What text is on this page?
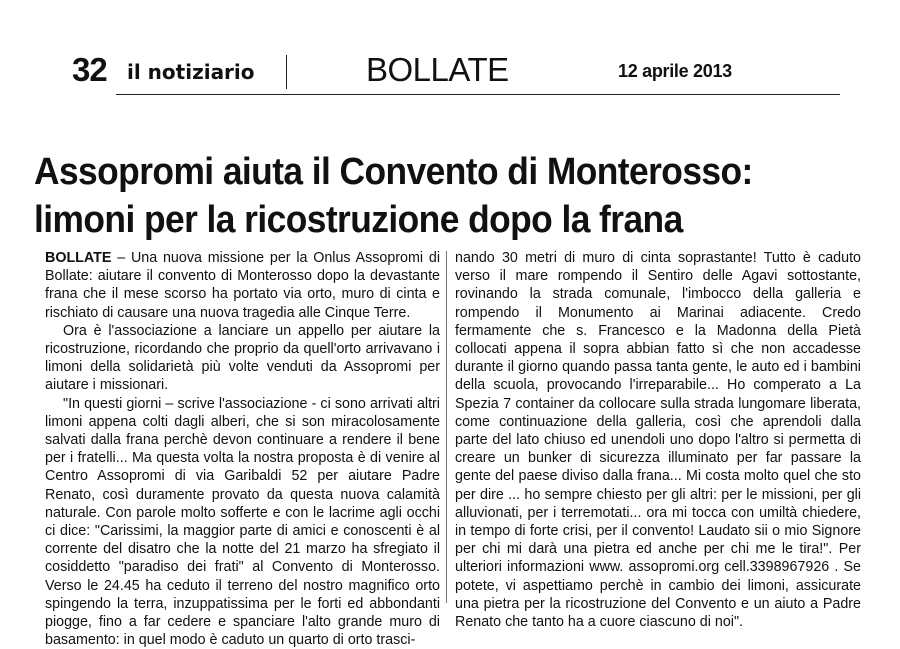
32 il notiziario	BOLLATE	12 aprile 2013
Assopromi aiuta il Convento di Monterosso:
limoni per la ricostruzione dopo la frana

BOLLATE – Una nuova missione per la Onlus Assopromi di Bollate: aiutare il convento di Monterosso dopo la devastante frana che il mese scorso ha portato via orto, muro di cinta e rischiato di causare una nuova tragedia alle Cinque Terre.

Ora è l'associazione a lanciare un appello per aiutare la ricostruzione, ricordando che proprio da quell'orto arrivavano i limoni della solidarietà più volte venduti da Assopromi per aiutare i missionari.

"In questi giorni – scrive l'associazione - ci sono arrivati altri limoni appena colti dagli alberi, che si son miracolosamente salvati dalla frana perchè devon continuare a rendere il bene per i fratelli... Ma questa volta la nostra proposta è di venire al Centro Assopromi di via Garibaldi 52 per aiutare Padre Renato, così duramente provato da questa nuova calamità naturale. Con parole molto sofferte e con le lacrime agli occhi ci dice: "Carissimi, la maggior parte di amici e conoscenti è al corrente del disatro che la notte del 21 marzo ha sfregiato il cosiddetto "paradiso dei frati" al Convento di Monterosso. Verso le 24.45 ha ceduto il terreno del nostro magnifico orto spingendo la terra, inzuppatissima per le forti ed abbondanti piogge, fino a far cedere e spanciare l'alto grande muro di basamento: in quel modo è caduto un quarto di orto trasci-

nando 30 metri di muro di cinta soprastante! Tutto è caduto verso il mare rompendo il Sentiro delle Agavi sottostante, rovinando la strada comunale, l'imbocco della galleria e rompendo il Monumento ai Marinai adiacente. Credo fermamente che s. Francesco e la Madonna della Pietà collocati appena il sopra abbian fatto sì che non accadesse durante il giorno quando passa tanta gente, le auto ed i bambini della scuola, provocando l'irreparabile... Ho comperato a La Spezia 7 container da collocare sulla strada lungomare liberata, come continuazione della galleria, così che aprendoli dalla parte del lato chiuso ed unendoli uno dopo l'altro si permetta di creare un bunker di sicurezza illuminato per far passare la gente del paese diviso dalla frana... Mi costa molto quel che sto per dire ... ho sempre chiesto per gli altri: per le missioni, per gli alluvionati, per i terremotati... ora mi tocca con umiltà chiedere, in tempo di forte crisi, per il convento! Laudato sii o mio Signore per chi mi darà una pietra ed anche per chi me le tira!". Per ulteriori informazioni www. assopromi.org cell.3398967926 . Se potete, vi aspettiamo perchè in cambio dei limoni, assicurate una pietra per la ricostruzione del Convento e un aiuto a Padre Renato che tanto ha a cuore ciascuno di noi".
